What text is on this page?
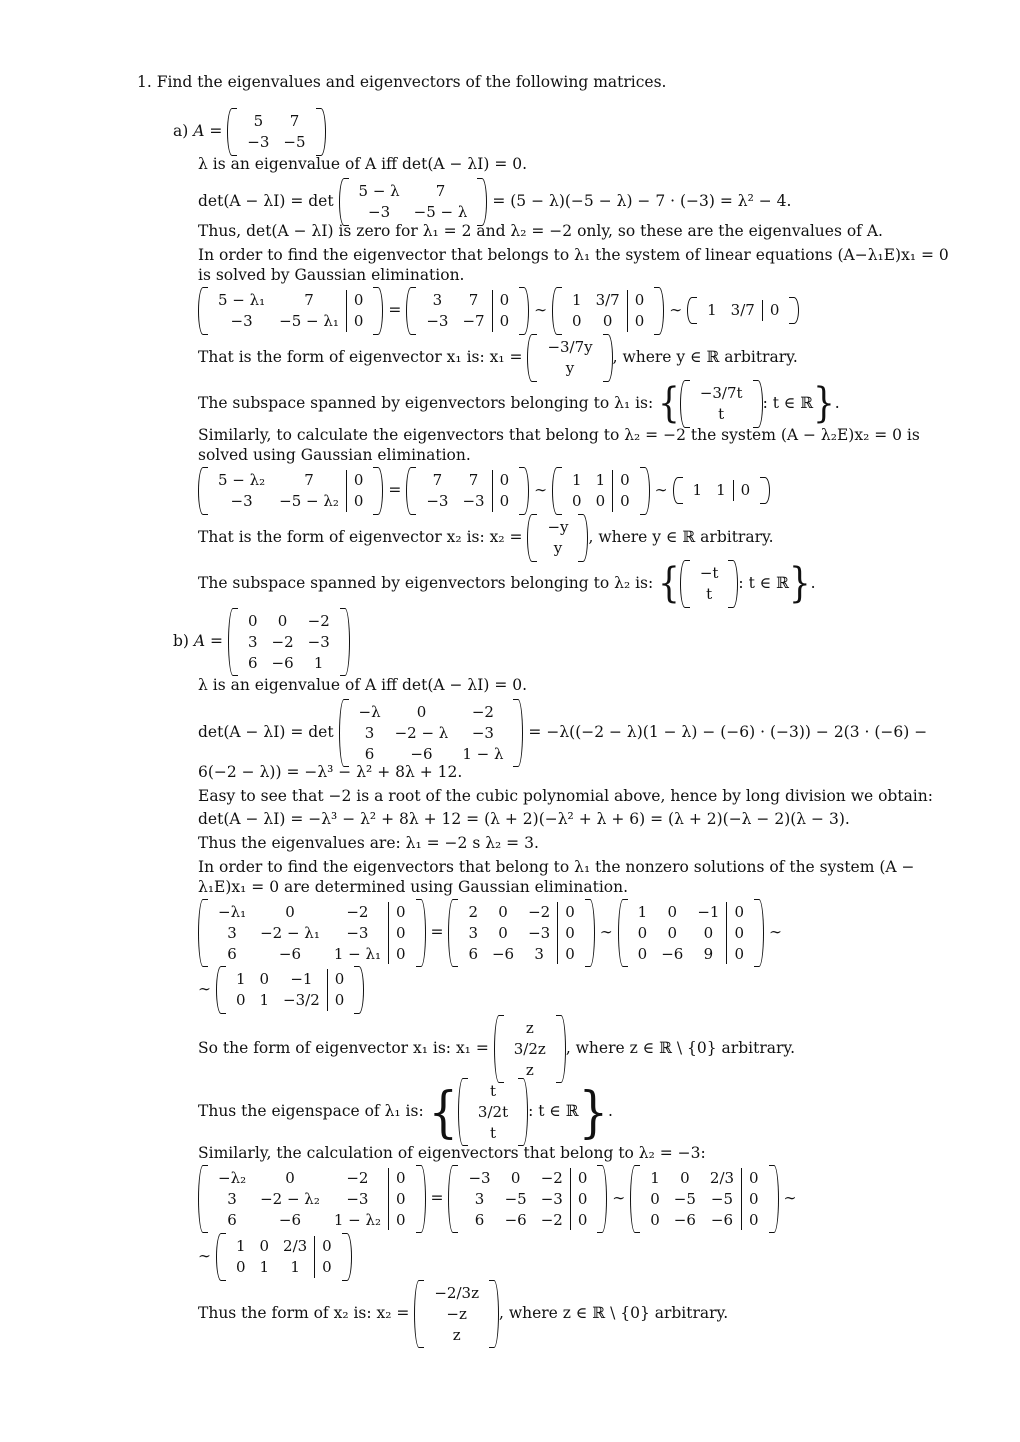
1. Find the eigenvalues and eigenvectors of the following matrices.
a) A =
5	7
−3	−5
λ is an eigenvalue of A iff det(A − λI) = 0.
det(A − λI) = det
5 − λ	7
−3	−5 − λ
= (5 − λ)(−5 − λ) − 7 · (−3) = λ² − 4.
Thus, det(A − λI) is zero for λ₁ = 2 and λ₂ = −2 only, so these are the eigenvalues of A.
In order to find the eigenvector that belongs to λ₁ the system of linear equations (A−λ₁E)x₁ = 0
is solved by Gaussian elimination.
5 − λ₁	7	0
−3	−5 − λ₁	0
=
3	7	0
−3	−7	0
∼
1	3/7	0
0	0	0
∼ 1	3/7	0
That is the form of eigenvector x₁ is: x₁ =
−3/7y
y
, where y ∈ ℝ arbitrary.
The subspace spanned by eigenvectors belonging to λ₁ is: { −3/7t
t
: t ∈ ℝ } .
Similarly, to calculate the eigenvectors that belong to λ₂ = −2 the system (A − λ₂E)x₂ = 0 is
solved using Gaussian elimination.
5 − λ₂	7	0
−3	−5 − λ₂	0
=
7	7	0
−3	−3	0
∼
1	1	0
0	0	0
∼ 1	1	0
That is the form of eigenvector x₂ is: x₂ =
−y
y
, where y ∈ ℝ arbitrary.
The subspace spanned by eigenvectors belonging to λ₂ is: { −t
t
: t ∈ ℝ } .
b) A =
0	0	−2
3	−2	−3
6	−6	1
λ is an eigenvalue of A iff det(A − λI) = 0.
det(A − λI) = det
−λ	0	−2
3	−2 − λ	−3
6	−6	1 − λ
= −λ((−2 − λ)(1 − λ) − (−6) · (−3)) − 2(3 · (−6) −
6(−2 − λ)) = −λ³ − λ² + 8λ + 12.
Easy to see that −2 is a root of the cubic polynomial above, hence by long division we obtain:
det(A − λI) = −λ³ − λ² + 8λ + 12 = (λ + 2)(−λ² + λ + 6) = (λ + 2)(−λ − 2)(λ − 3).
Thus the eigenvalues are: λ₁ = −2 s λ₂ = 3.
In order to find the eigenvectors that belong to λ₁ the nonzero solutions of the system (A −
λ₁E)x₁ = 0 are determined using Gaussian elimination.
−λ₁	0	−2	0
3	−2 − λ₁	−3	0
6	−6	1 − λ₁	0
=
2	0	−2	0
3	0	−3	0
6	−6	3	0
∼
1	0	−1	0
0	0	0	0
0	−6	9	0
∼
∼
1	0	−1	0
0	1	−3/2	0
So the form of eigenvector x₁ is: x₁ =
z
3/2z
z
, where z ∈ ℝ \ {0} arbitrary.
Thus the eigenspace of λ₁ is: { t
3/2t
t
: t ∈ ℝ } .
Similarly, the calculation of eigenvectors that belong to λ₂ = −3:
−λ₂	0	−2	0
3	−2 − λ₂	−3	0
6	−6	1 − λ₂	0
=
−3	0	−2	0
3	−5	−3	0
6	−6	−2	0
∼
1	0	2/3	0
0	−5	−5	0
0	−6	−6	0
∼
∼
1	0	2/3	0
0	1	1	0
Thus the form of x₂ is: x₂ =
−2/3z
−z
z
, where z ∈ ℝ \ {0} arbitrary.
